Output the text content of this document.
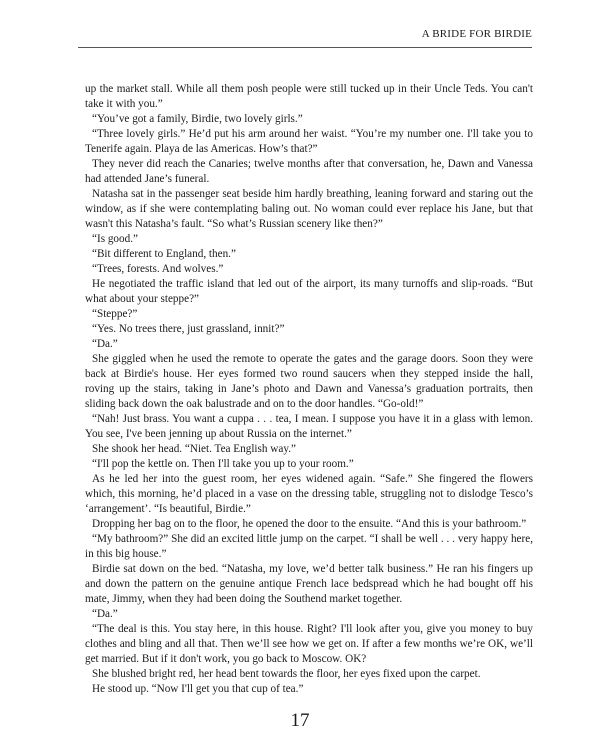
A BRIDE FOR BIRDIE

up the market stall. While all them posh people were still tucked up in their Uncle Teds. You can't take it with you.”

“You’ve got a family, Birdie, two lovely girls.”

“Three lovely girls.” He’d put his arm around her waist. “You’re my number one. I'll take you to Tenerife again. Playa de las Americas. How’s that?”

They never did reach the Canaries; twelve months after that conversation, he, Dawn and Vanessa had attended Jane’s funeral.

Natasha sat in the passenger seat beside him hardly breathing, leaning forward and staring out the window, as if she were contemplating baling out. No woman could ever replace his Jane, but that wasn't this Natasha’s fault. “So what’s Russian scenery like then?”

“Is good.”

“Bit different to England, then.”

“Trees, forests. And wolves.”

He negotiated the traffic island that led out of the airport, its many turnoffs and slip-roads. “But what about your steppe?”

“Steppe?”

“Yes. No trees there, just grassland, innit?”

“Da.”

She giggled when he used the remote to operate the gates and the garage doors. Soon they were back at Birdie's house. Her eyes formed two round saucers when they stepped inside the hall, roving up the stairs, taking in Jane’s photo and Dawn and Vanessa’s graduation portraits, then sliding back down the oak balustrade and on to the door handles. “Go-old!”

“Nah! Just brass. You want a cuppa . . . tea, I mean. I suppose you have it in a glass with lemon. You see, I've been jenning up about Russia on the internet.”

She shook her head. “Niet. Tea English way.”

“I'll pop the kettle on. Then I'll take you up to your room.”

As he led her into the guest room, her eyes widened again. “Safe.” She fingered the flowers which, this morning, he’d placed in a vase on the dressing table, struggling not to dislodge Tesco’s ‘arrangement’. “Is beautiful, Birdie.”

Dropping her bag on to the floor, he opened the door to the ensuite. “And this is your bathroom.”

“My bathroom?” She did an excited little jump on the carpet. “I shall be well . . . very happy here, in this big house.”

Birdie sat down on the bed. “Natasha, my love, we’d better talk business.” He ran his fingers up and down the pattern on the genuine antique French lace bedspread which he had bought off his mate, Jimmy, when they had been doing the Southend market together.

“Da.”

“The deal is this. You stay here, in this house. Right? I'll look after you, give you money to buy clothes and bling and all that. Then we’ll see how we get on. If after a few months we’re OK, we’ll get married. But if it don't work, you go back to Moscow. OK?

She blushed bright red, her head bent towards the floor, her eyes fixed upon the carpet.

He stood up. “Now I'll get you that cup of tea.”

17
